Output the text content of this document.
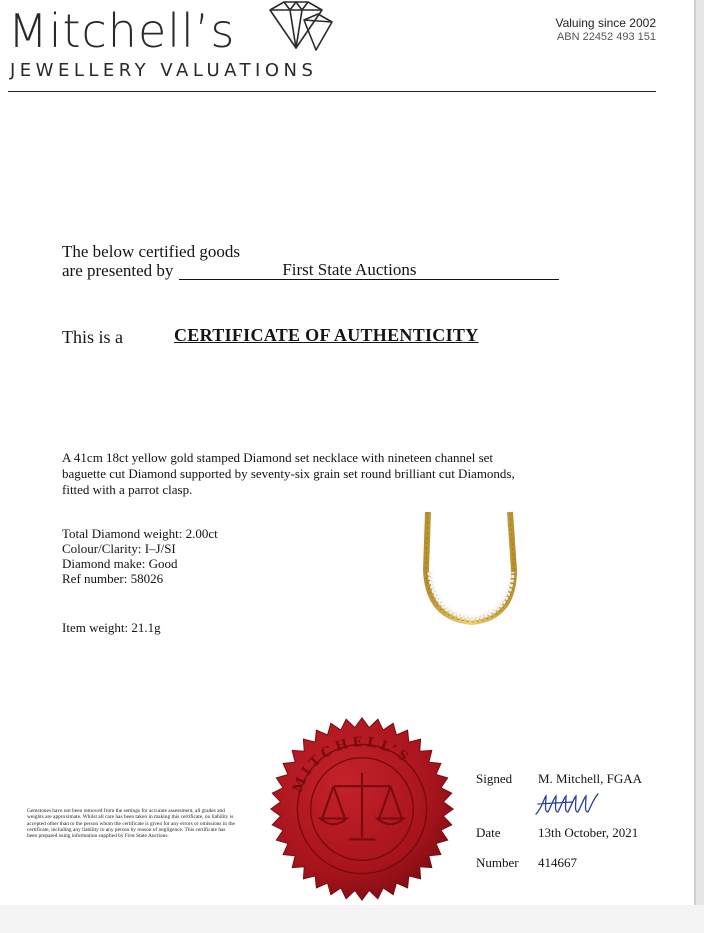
Mitchell’s
JEWELLERY VALUATIONS
Valuing since 2002
ABN 22452 493 151
The below certified goods
are presented by	First State Auctions
This is a	CERTIFICATE OF AUTHENTICITY
A 41cm 18ct yellow gold stamped Diamond set necklace with nineteen channel set baguette cut Diamond supported by seventy-six grain set round brilliant cut Diamonds, fitted with a parrot clasp.
Total Diamond weight: 2.00ct
Colour/Clarity: I–J/SI
Diamond make: Good
Ref number: 58026
Item weight: 21.1g
MITCHELL’S
Gemstones have not been removed from the settings for accurate assessment, all grades and weights are approximate. Whilst all care has been taken in making this certificate, no liability is accepted other than to the person whom the certificate is given for any errors or omissions in the certificate, including any liability to any person by reason of negligence. This certificate has been prepared using information supplied by First State Auctions.
Signed M. Mitchell, FGAA
Date	13th October, 2021
Number 414667
